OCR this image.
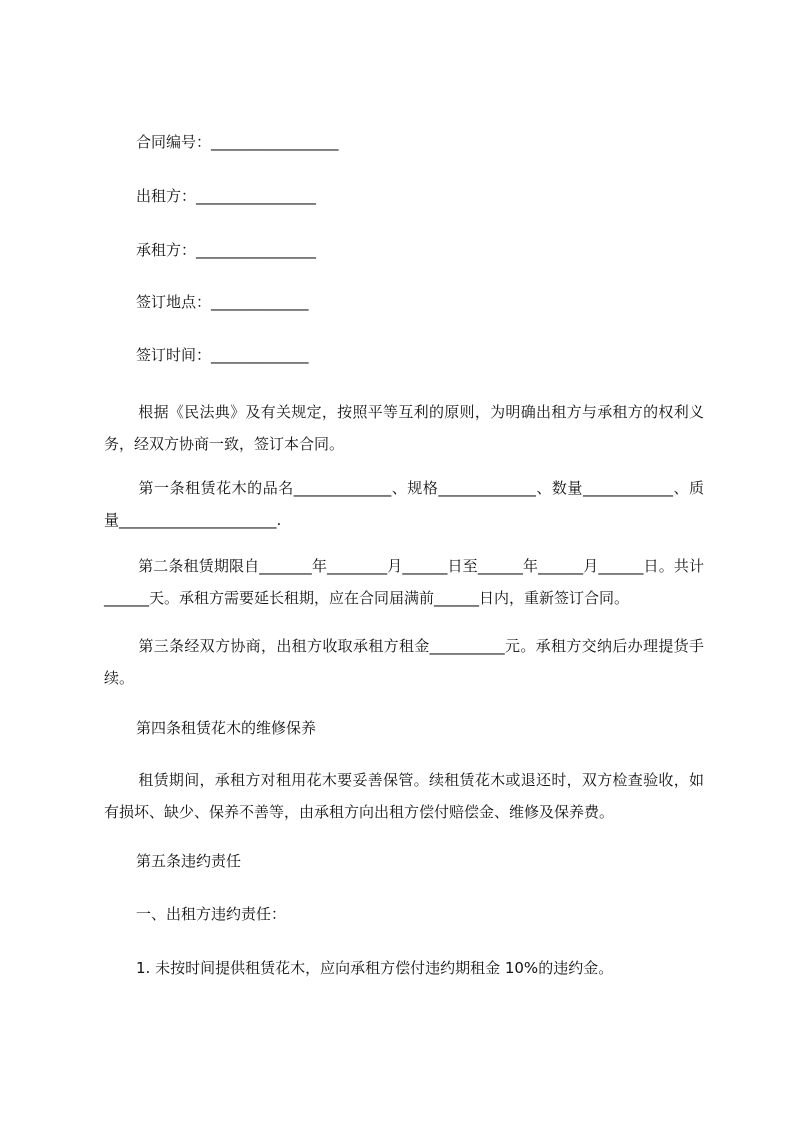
合同编号：_________________
出租方：________________
承租方：________________
签订地点：_____________
签订时间：_____________
根据《民法典》及有关规定，按照平等互利的原则，为明确出租方与承租方的权利义务，经双方协商一致，签订本合同。
第一条租赁花木的品名_____________、规格_____________、数量____________、质量_____________________.
第二条租赁期限自_______年________月______日至______年______月______日。共计______天。承租方需要延长租期，应在合同届满前______日内，重新签订合同。
第三条经双方协商，出租方收取承租方租金__________元。承租方交纳后办理提货手续。
第四条租赁花木的维修保养
租赁期间，承租方对租用花木要妥善保管。续租赁花木或退还时，双方检查验收，如有损坏、缺少、保养不善等，由承租方向出租方偿付赔偿金、维修及保养费。
第五条违约责任
一、出租方违约责任：
1. 未按时间提供租赁花木，应向承租方偿付违约期租金 10%的违约金。
